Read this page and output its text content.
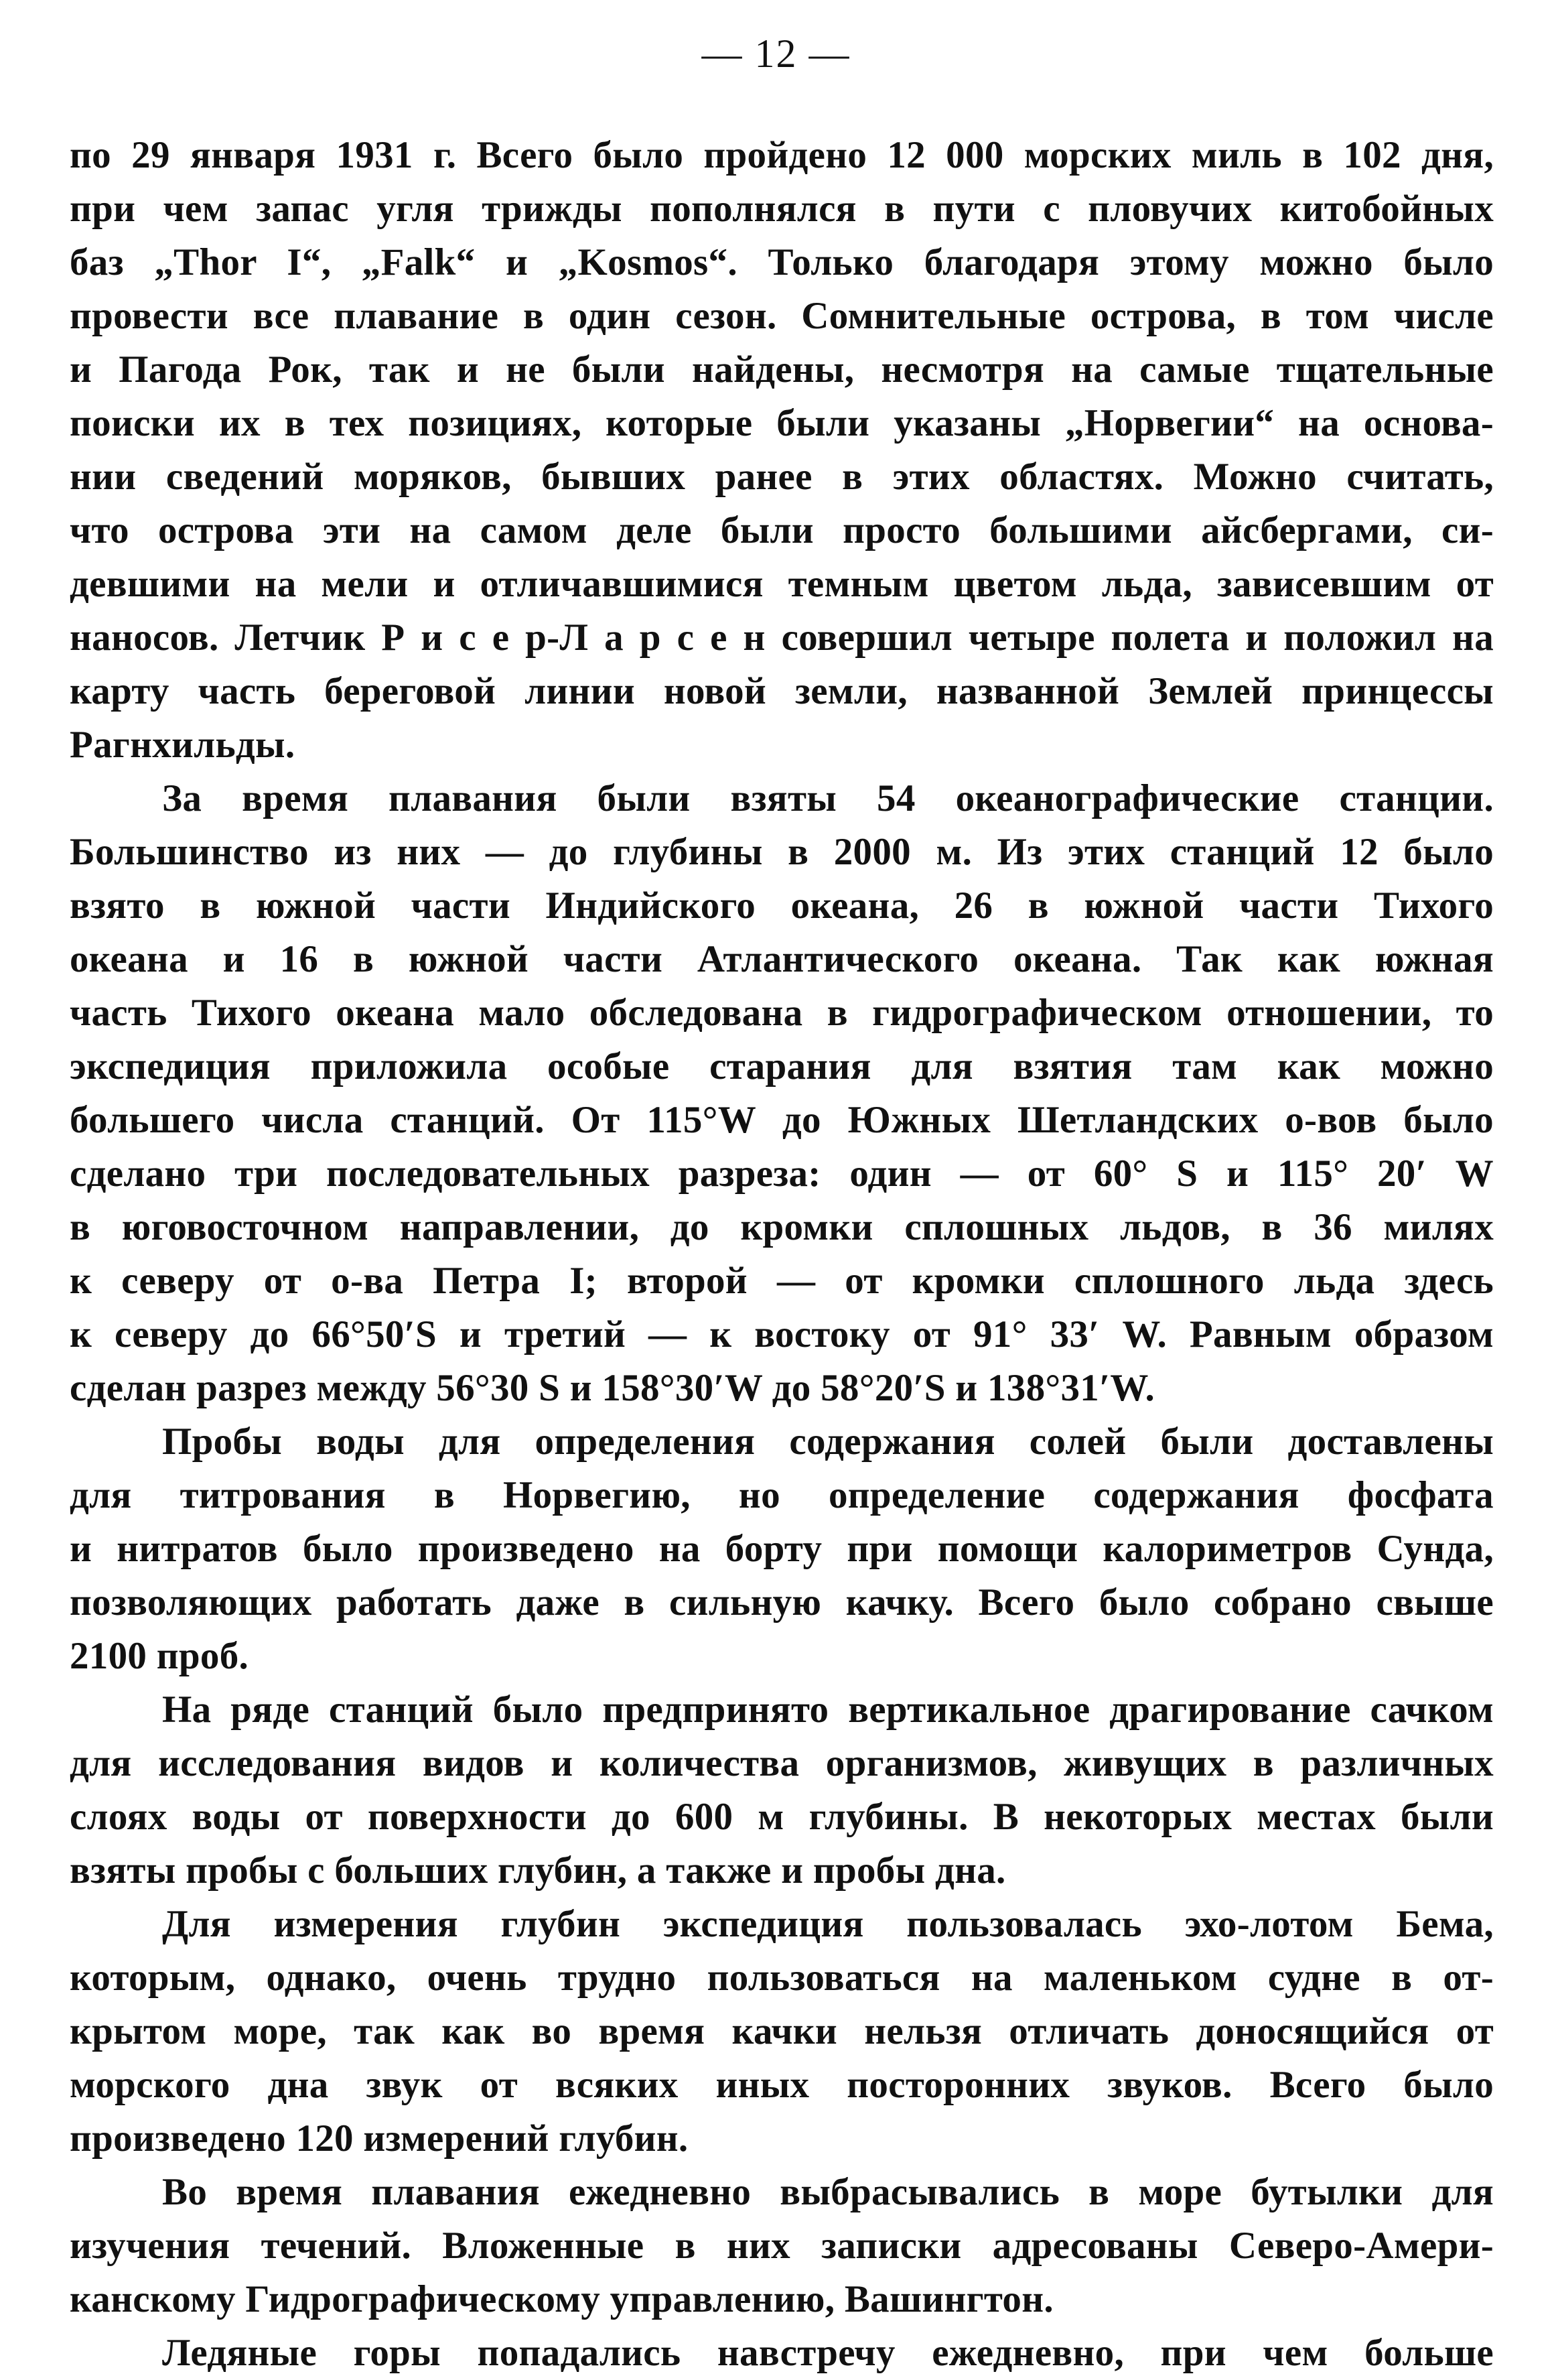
— 12 —
по 29 января 1931 г. Всего было пройдено 12 000 морских миль в 102 дня,
при чем запас угля трижды пополнялся в пути с пловучих китобойных
баз „Thor I“, „Falk“ и „Kosmos“. Только благодаря этому можно было
провести все плавание в один сезон. Сомнительные острова, в том числе
и Пагода Рок, так и не были найдены, несмотря на самые тщательные
поиски их в тех позициях, которые были указаны „Норвегии“ на основа-
нии сведений моряков, бывших ранее в этих областях. Можно считать,
что острова эти на самом деле были просто большими айсбергами, си-
девшими на мели и отличавшимися темным цветом льда, зависевшим от
наносов. Летчик Р и с е р-Л а р с е н совершил четыре полета и положил на
карту часть береговой линии новой земли, названной Землей принцессы
Рагнхильды.
За время плавания были взяты 54 океанографические станции.
Большинство из них — до глубины в 2000 м. Из этих станций 12 было
взято в южной части Индийского океана, 26 в южной части Тихого
океана и 16 в южной части Атлантического океана. Так как южная
часть Тихого океана мало обследована в гидрографическом отношении, то
экспедиция приложила особые старания для взятия там как можно
большего числа станций. От 115°W до Южных Шетландских о-вов было
сделано три последовательных разреза: один — от 60° S и 115° 20′ W
в юговосточном направлении, до кромки сплошных льдов, в 36 милях
к северу от о-ва Петра I; второй — от кромки сплошного льда здесь
к северу до 66°50′S и третий — к востоку от 91° 33′ W. Равным образом
сделан разрез между 56°30 S и 158°30′W до 58°20′S и 138°31′W.
Пробы воды для определения содержания солей были доставлены
для титрования в Норвегию, но определение содержания фосфата
и нитратов было произведено на борту при помощи калориметров Сунда,
позволяющих работать даже в сильную качку. Всего было собрано свыше
2100 проб.
На ряде станций было предпринято вертикальное драгирование сачком
для исследования видов и количества организмов, живущих в различных
слоях воды от поверхности до 600 м глубины. В некоторых местах были
взяты пробы с больших глубин, а также и пробы дна.
Для измерения глубин экспедиция пользовалась эхо-лотом Бема,
которым, однако, очень трудно пользоваться на маленьком судне в от-
крытом море, так как во время качки нельзя отличать доносящийся от
морского дна звук от всяких иных посторонних звуков. Всего было
произведено 120 измерений глубин.
Во время плавания ежедневно выбрасывались в море бутылки для
изучения течений. Вложенные в них записки адресованы Северо-Амери-
канскому Гидрографическому управлению, Вашингтон.
Ледяные горы попадались навстречу ежедневно, при чем больше
